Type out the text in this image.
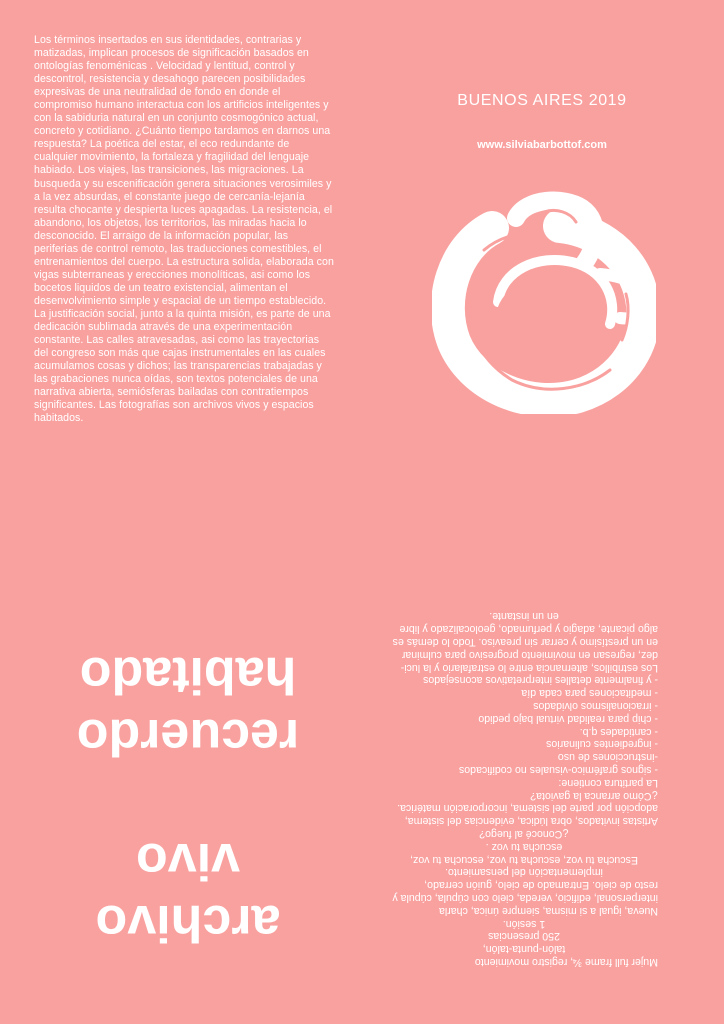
Los términos insertados en sus identidades, contrarias y matizadas, implican procesos de significación basados en ontologías fenoménicas . Velocidad y lentitud, control y descontrol, resistencia y desahogo parecen posibilidades expresivas de una neutralidad de fondo en donde el compromiso humano interactua con los artificios inteligentes y con la sabiduria natural en un conjunto cosmogónico actual, concreto y cotidiano. ¿Cuánto tiempo tardamos en darnos una respuesta? La poética del estar, el eco redundante de cualquier movimiento, la fortaleza y fragilidad del lenguaje habiado. Los viajes, las transiciones, las migraciones. La busqueda y su escenificación genera situaciones verosimiles y a la vez absurdas, el constante juego de cercanía-lejanía resulta chocante y despierta luces apagadas. La resistencia, el abandono, los objetos, los territorios, las miradas hacia lo desconocido. El arraigo de la información popular, las periferias de control remoto, las traducciones comestibles, el entrenamientos del cuerpo. La estructura solida, elaborada con vigas subterraneas y erecciones monolíticas, asi como los bocetos liquidos de un teatro existencial, alimentan el desenvolvimiento simple y espacial de un tiempo establecido. La justificación social, junto a la quinta misión, es parte de una dedicación sublimada através de una experimentación constante. Las calles atravesadas, asi como las trayectorias del congreso son más que cajas instrumentales en las cuales acumulamos cosas y dichos; las transparencias trabajadas y las grabaciones nunca oídas, son textos potenciales de una narrativa abierta, semiósferas bailadas con contratiempos significantes. Las fotografías son archivos vivos y espacios habitados.

BUENOS AIRES 2019
www.silviabarbottof.com
archivo
vivo
recuerdo
habitado
Mujer full frame ¾, registro movimiento
talón-punta-talón,
250 presencias
1 sesión.
Nueva, igual a si misma, siempre única, charla
interpersonal, edificio, vereda, cielo con cúpula, cúpula y
resto de cielo. Entramado de cielo, guión cerrado,
implementación del pensamiento.
Escucha tu voz, escucha tu voz, escucha tu voz,
escucha tu voz .
¿Conocé al fuego?
Artistas invitados, obra lúdica, evidencias del sistema,
adopción por parte del sistema, incorporación matérica.
¿Cómo arranca la gaviota?
La partitura contiene:
- signos grafémico-visuales no codificados
-instrucciones de uso
- ingredientes culinarios
- cantidades q.b.
- chip para realidad virtual bajo pedido
- irracionalismos olvidados
- meditaciones para cada día
- y finalmente detalles interpretativos aconsejados
Los estribillos, alternancia entre lo estrafalario y la luci-
dez, regresan en movimiento progresivo para culminar
en un prestísimo y cerrar sin preaviso. Todo lo demás es
algo picante, adagio y perfumado, geolocalizado y libre
en un instante.
